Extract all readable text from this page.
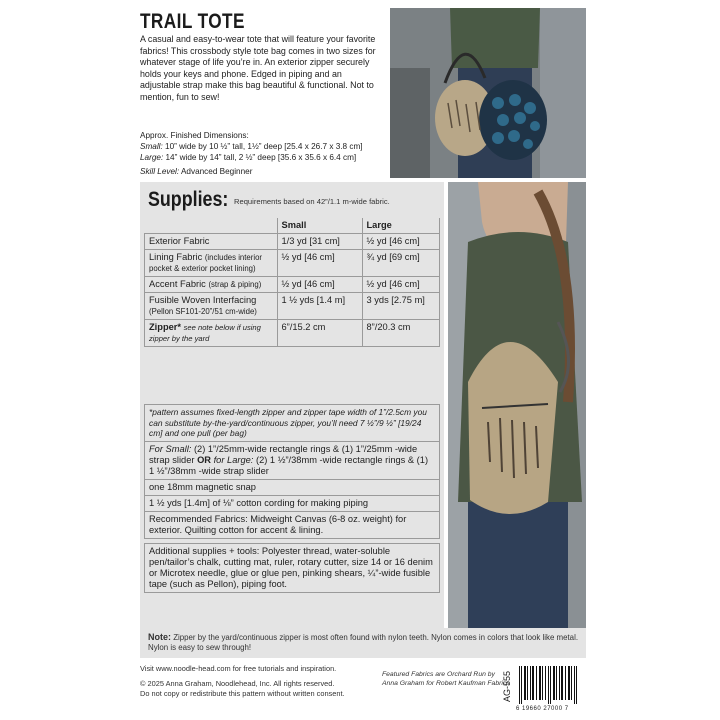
TRAIL TOTE
A casual and easy-to-wear tote that will feature your favorite fabrics! This crossbody style tote bag comes in two sizes for whatever stage of life you’re in. An exterior zipper securely holds your keys and phone. Edged in piping and an adjustable strap make this bag beautiful & functional. Not to mention, fun to sew!
Approx. Finished Dimensions:
Small: 10” wide by 10 ½” tall, 1½” deep [25.4 x 26.7 x 3.8 cm]
Large: 14” wide by 14” tall, 2 ½” deep [35.6 x 35.6 x 6.4 cm]
Skill Level: Advanced Beginner
Supplies: Requirements based on 42”/1.1 m-wide fabric.
	Small	Large
Exterior Fabric	1/3 yd [31 cm]	½ yd [46 cm]
Lining Fabric (includes interior pocket & exterior pocket lining)	½ yd [46 cm]	¾ yd [69 cm]
Accent Fabric (strap & piping)	½ yd [46 cm]	½ yd [46 cm]
Fusible Woven Interfacing (Pellon SF101-20”/51 cm-wide)	1 ½ yds [1.4 m]	3 yds [2.75 m]
Zipper* see note below if using zipper by the yard	6”/15.2 cm	8”/20.3 cm
*pattern assumes fixed-length zipper and zipper tape width of 1”/2.5cm you can substitute by-the-yard/continuous zipper, you’ll need 7 ½”/9 ½” [19/24 cm] and one pull (per bag)
For Small: (2) 1”/25mm-wide rectangle rings & (1) 1”/25mm -wide strap slider OR for Large: (2) 1 ½”/38mm -wide rectangle rings & (1) 1 ½”/38mm -wide strap slider
one 18mm magnetic snap
1 ½ yds [1.4m] of ⅛” cotton cording for making piping
Recommended Fabrics: Midweight Canvas (6-8 oz. weight) for exterior. Quilting cotton for accent & lining.
Additional supplies + tools: Polyester thread, water-soluble pen/tailor’s chalk, cutting mat, ruler, rotary cutter, size 14 or 16 denim or Microtex needle, glue or glue pen, pinking shears, ¼”-wide fusible tape (such as Pellon), piping foot.
Note: Zipper by the yard/continuous zipper is most often found with nylon teeth. Nylon comes in colors that look like metal. Nylon is easy to sew through!
Visit www.noodle-head.com for free tutorials and inspiration.
© 2025 Anna Graham, Noodlehead, Inc. All rights reserved.
Do not copy or redistribute this pattern without written consent.
Featured Fabrics are Orchard Run by Anna Graham for Robert Kaufman Fabrics
AG-555
6 19660 27000 7
